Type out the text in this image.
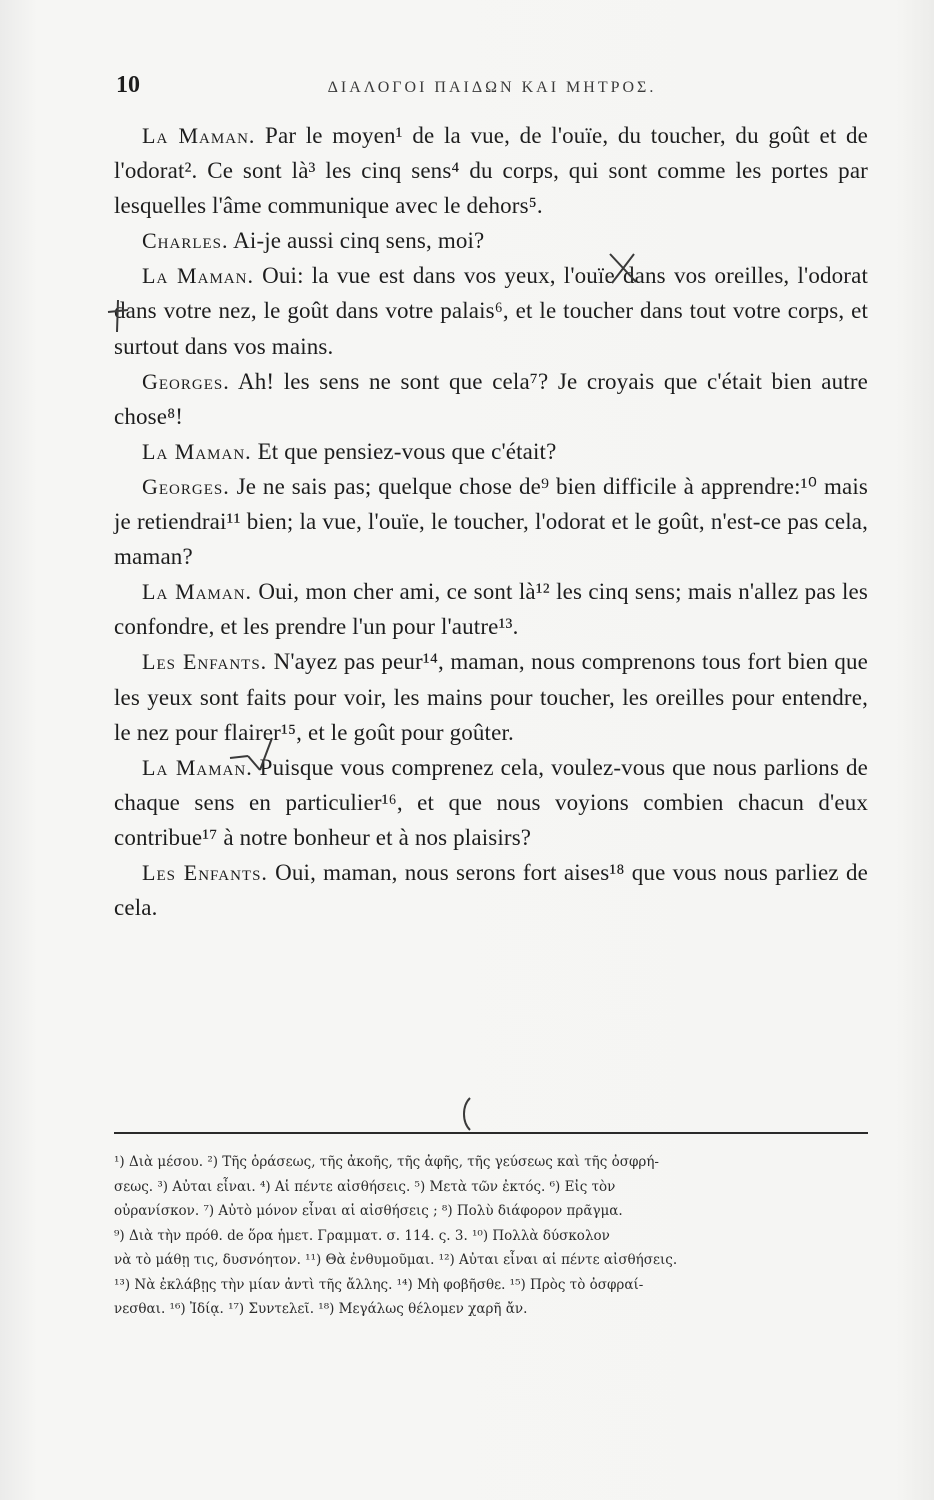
10	ΔΙΑΛΟΓΟΙ ΠΑΙΔΩΝ ΚΑΙ ΜΗΤΡΟΣ.

La Maman. Par le moyen¹ de la vue, de l'ouïe, du toucher, du goût et de l'odorat². Ce sont là³ les cinq sens⁴ du corps, qui sont comme les portes par lesquelles l'âme communique avec le dehors⁵.

Charles. Ai-je aussi cinq sens, moi?

La Maman. Oui: la vue est dans vos yeux, l'ouïe dans vos oreilles, l'odorat dans votre nez, le goût dans votre palais⁶, et le toucher dans tout votre corps, et surtout dans vos mains.

Georges. Ah! les sens ne sont que cela⁷? Je croyais que c'était bien autre chose⁸!

La Maman. Et que pensiez-vous que c'était?

Georges. Je ne sais pas; quelque chose de⁹ bien difficile à apprendre:¹⁰ mais je retiendrai¹¹ bien; la vue, l'ouïe, le toucher, l'odorat et le goût, n'est-ce pas cela, maman?

La Maman. Oui, mon cher ami, ce sont là¹² les cinq sens; mais n'allez pas les confondre, et les prendre l'un pour l'autre¹³.

Les Enfants. N'ayez pas peur¹⁴, maman, nous comprenons tous fort bien que les yeux sont faits pour voir, les mains pour toucher, les oreilles pour entendre, le nez pour flairer¹⁵, et le goût pour goûter.

La Maman. Puisque vous comprenez cela, voulez-vous que nous parlions de chaque sens en particulier¹⁶, et que nous voyions combien chacun d'eux contribue¹⁷ à notre bonheur et à nos plaisirs?

Les Enfants. Oui, maman, nous serons fort aises¹⁸ que vous nous parliez de cela.

¹) Διὰ μέσου. ²) Τῆς ὁράσεως, τῆς ἀκοῆς, τῆς ἀφῆς, τῆς γεύσεως καὶ τῆς ὀσφρή-
σεως. ³) Αὐται εἶναι. ⁴) Αἱ πέντε αἰσθήσεις. ⁵) Μετὰ τῶν ἐκτός. ⁶) Εἰς τὸν
οὐρανίσκον. ⁷) Αὐτὸ μόνον εἶναι αἱ αἰσθήσεις ; ⁸) Πολὺ διάφορον πρᾶγμα.
⁹) Διὰ τὴν πρόθ. de ὅρα ἡμετ. Γραμματ. σ. 114. ς. 3. ¹⁰) Πολλὰ δύσκολον
νὰ τὸ μάθῃ τις, δυσνόητον. ¹¹) Θὰ ἐνθυμοῦμαι. ¹²) Αὐται εἶναι αἱ πέντε αἰσθήσεις.
¹³) Νὰ ἐκλάβῃς τὴν μίαν ἀντὶ τῆς ἄλλης. ¹⁴) Μὴ φοβῆσθε. ¹⁵) Πρὸς τὸ ὀσφραί-
νεσθαι. ¹⁶) Ἰδίᾳ. ¹⁷) Συντελεῖ. ¹⁸) Μεγάλως θέλομεν χαρῆ ἄν.
